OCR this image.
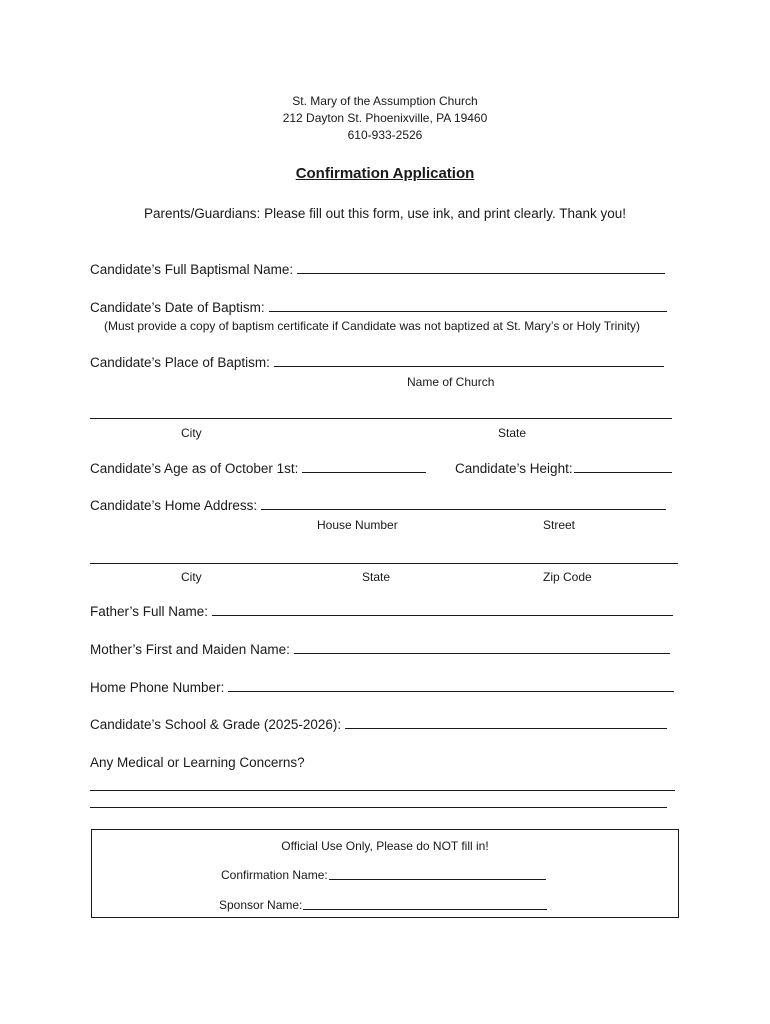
St. Mary of the Assumption Church
212 Dayton St. Phoenixville, PA 19460
610-933-2526
Confirmation Application
Parents/Guardians: Please fill out this form, use ink, and print clearly. Thank you!
Candidate’s Full Baptismal Name:
Candidate’s Date of Baptism:
(Must provide a copy of baptism certificate if Candidate was not baptized at St. Mary’s or Holy Trinity)
Candidate’s Place of Baptism:
Name of Church
City	State
Candidate’s Age as of October 1st:	Candidate’s Height:
Candidate’s Home Address:
House Number	Street
City	State	Zip Code
Father’s Full Name:
Mother’s First and Maiden Name:
Home Phone Number:
Candidate’s School & Grade (2025-2026):
Any Medical or Learning Concerns?
Official Use Only, Please do NOT fill in!
Confirmation Name:
Sponsor Name:
